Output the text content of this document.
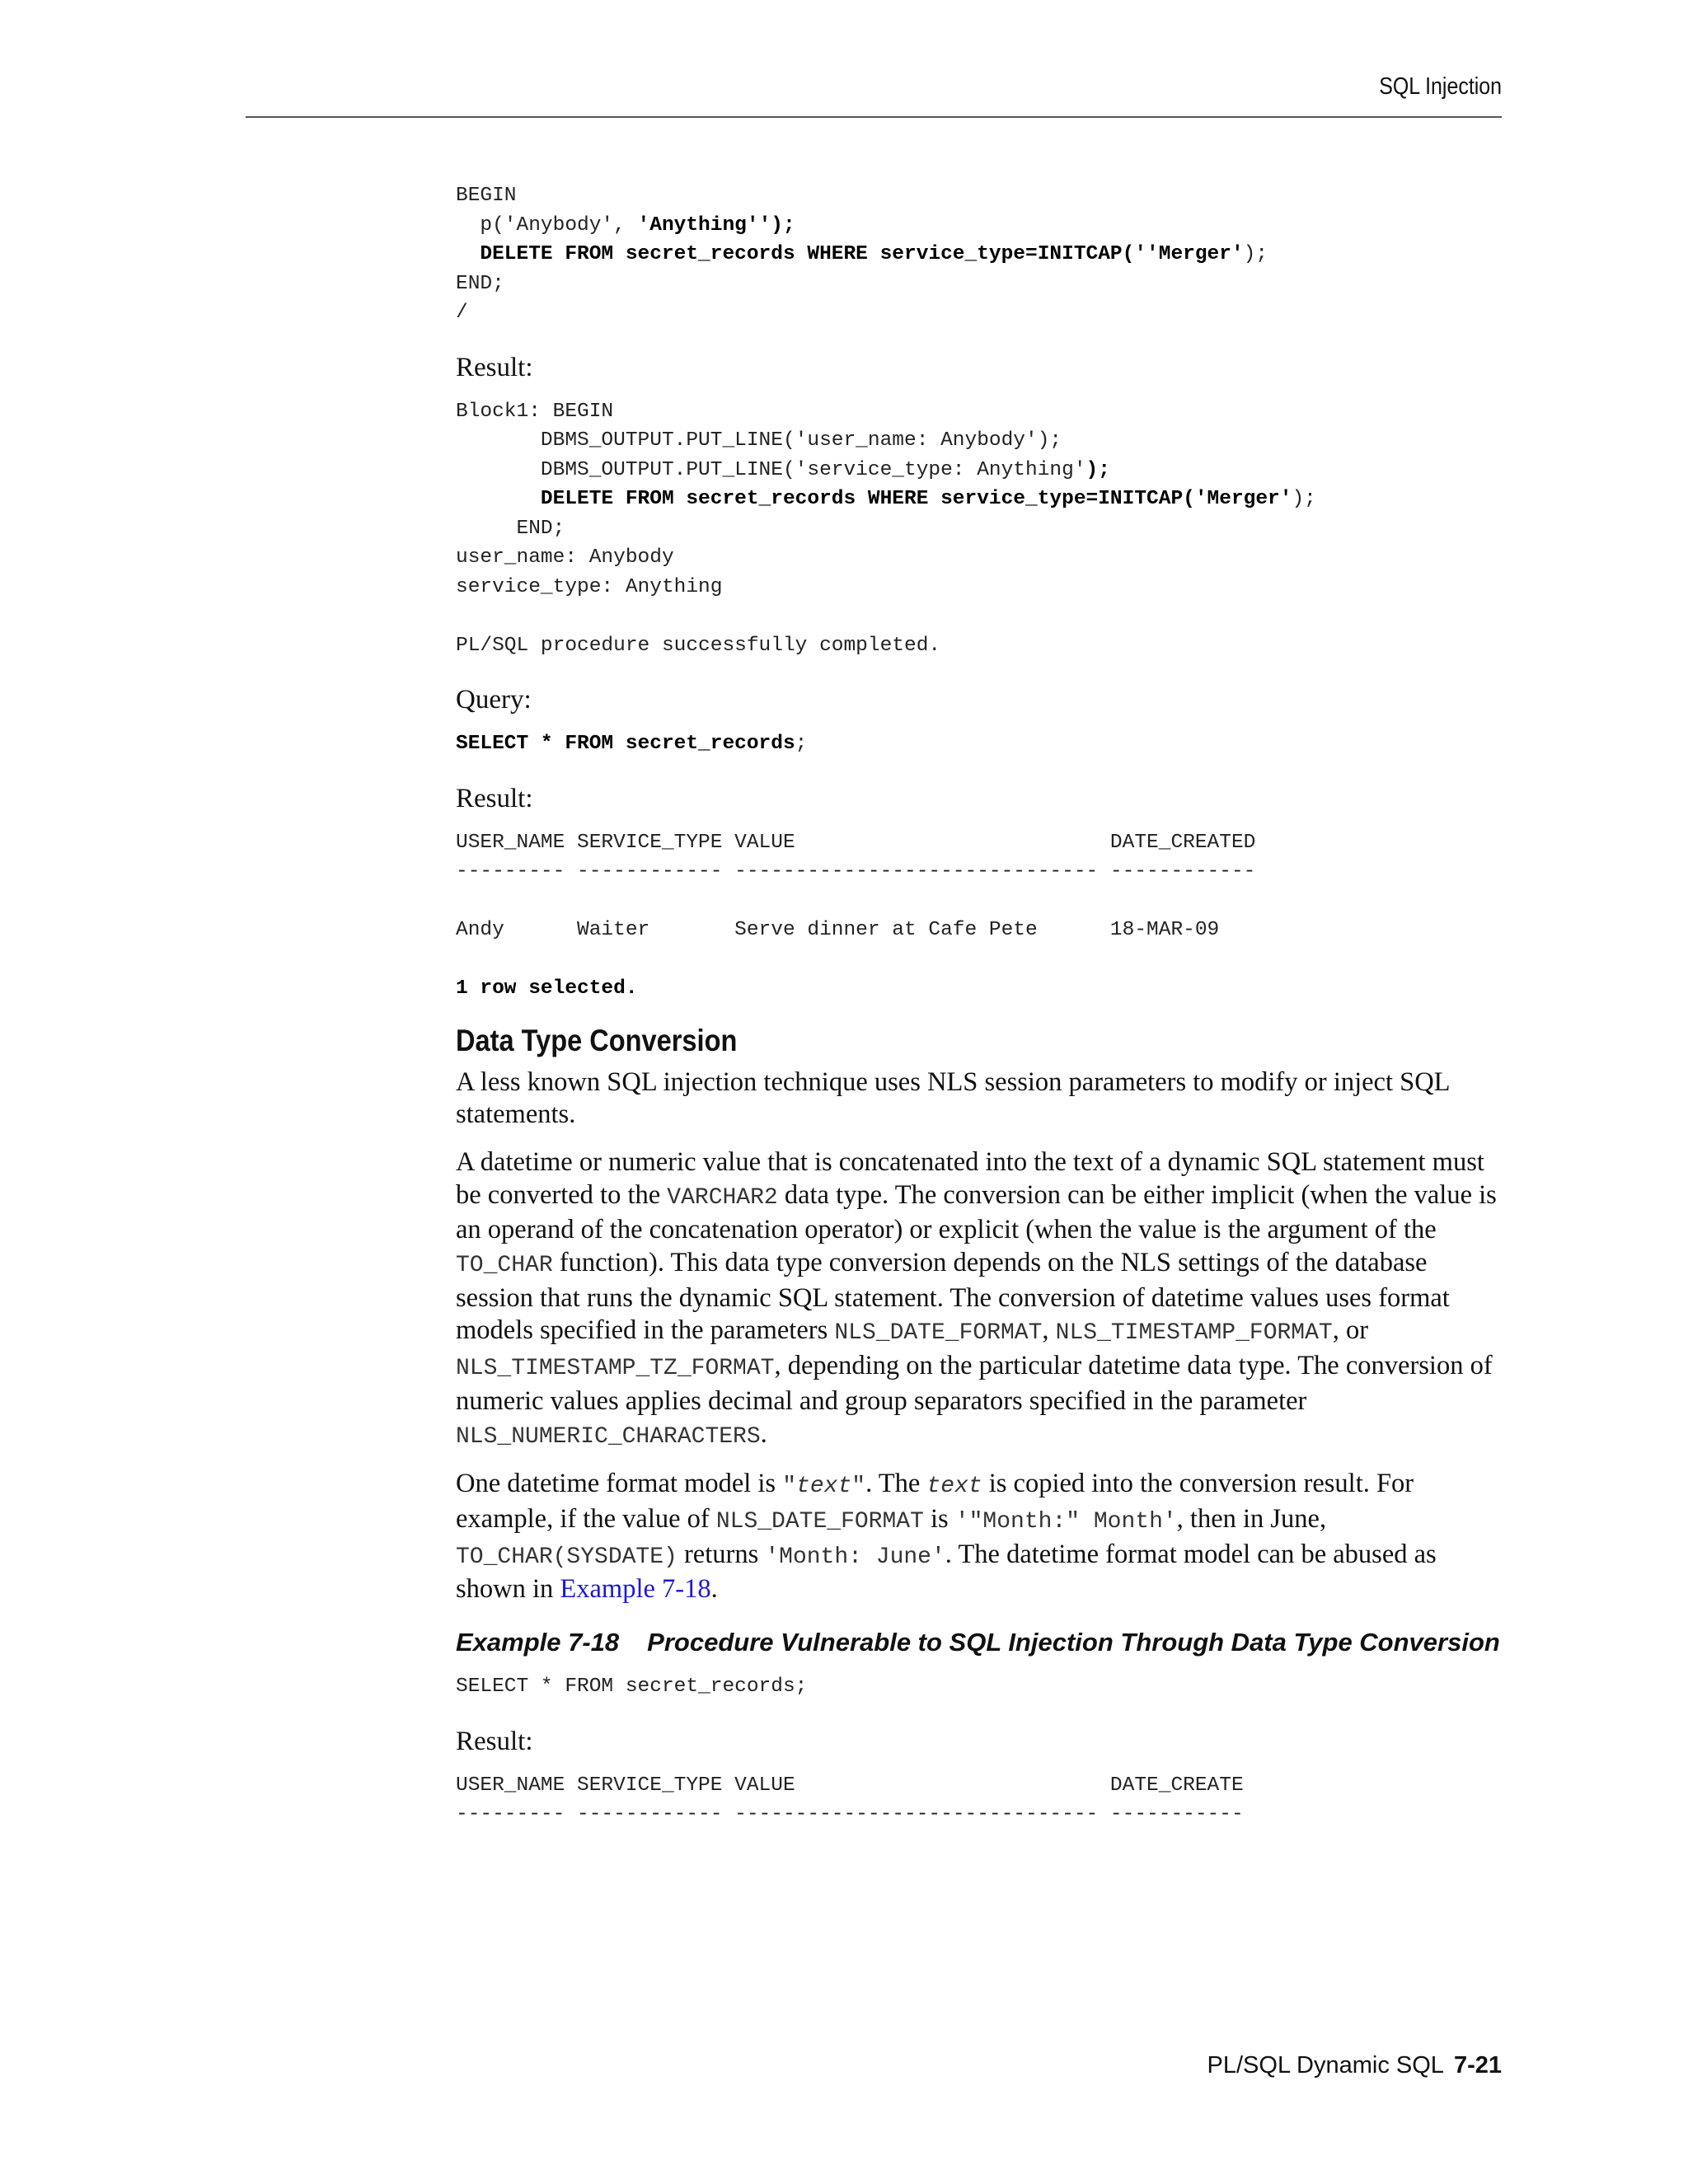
SQL Injection
BEGIN
p('Anybody', 'Anything'');
DELETE FROM secret_records WHERE service_type=INITCAP(''Merger');
END;
/
Result:
Block1: BEGIN
DBMS_OUTPUT.PUT_LINE('user_name: Anybody');
DBMS_OUTPUT.PUT_LINE('service_type: Anything');
DELETE FROM secret_records WHERE service_type=INITCAP('Merger');
END;
user_name: Anybody
service_type: Anything

PL/SQL procedure successfully completed.
Query:
SELECT * FROM secret_records;
Result:
USER_NAME SERVICE_TYPE VALUE                          DATE_CREATED
--------- ------------ ------------------------------ ------------

Andy      Waiter       Serve dinner at Cafe Pete      18-MAR-09

1 row selected.
Data Type Conversion

A less known SQL injection technique uses NLS session parameters to modify or inject SQL statements.

A datetime or numeric value that is concatenated into the text of a dynamic SQL statement must be converted to the VARCHAR2 data type. The conversion can be either implicit (when the value is an operand of the concatenation operator) or explicit (when the value is the argument of the TO_CHAR function). This data type conversion depends on the NLS settings of the database session that runs the dynamic SQL statement. The conversion of datetime values uses format models specified in the parameters NLS_DATE_FORMAT, NLS_TIMESTAMP_FORMAT, or NLS_TIMESTAMP_TZ_FORMAT, depending on the particular datetime data type. The conversion of numeric values applies decimal and group separators specified in the parameter NLS_NUMERIC_CHARACTERS.

One datetime format model is "text". The text is copied into the conversion result. For example, if the value of NLS_DATE_FORMAT is '"Month:" Month', then in June, TO_CHAR(SYSDATE) returns 'Month: June'. The datetime format model can be abused as shown in Example 7-18.

Example 7-18 Procedure Vulnerable to SQL Injection Through Data Type Conversion
SELECT * FROM secret_records;

Result:
USER_NAME SERVICE_TYPE VALUE                          DATE_CREATE
--------- ------------ ------------------------------ -----------
PL/SQL Dynamic SQL 7-21
